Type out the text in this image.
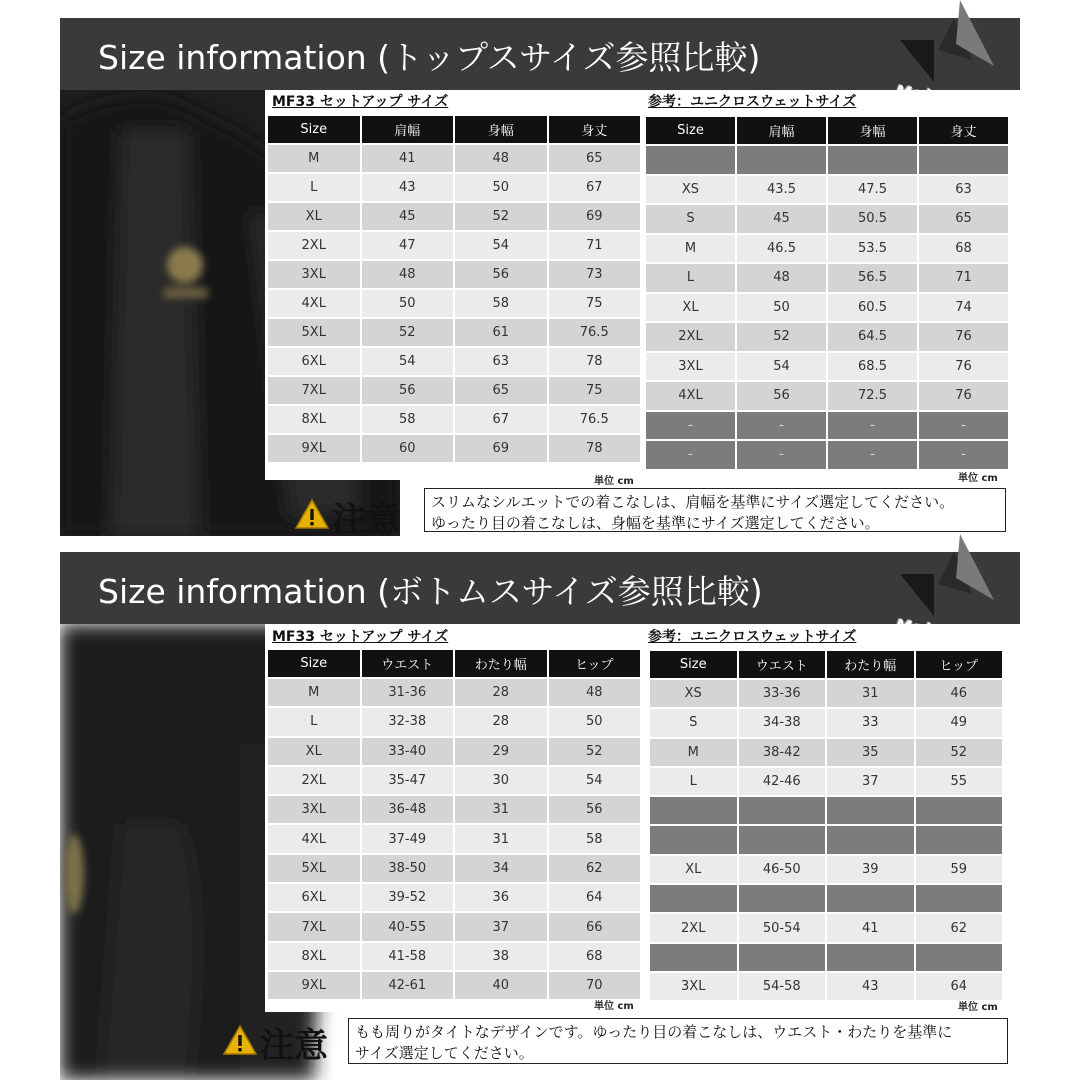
Size information (トップスサイズ参照比較)
MF33 セットアップ サイズ
Size	肩幅	身幅	身丈
M	41	48	65
L	43	50	67
XL	45	52	69
2XL	47	54	71
3XL	48	56	73
4XL	50	58	75
5XL	52	61	76.5
6XL	54	63	78
7XL	56	65	75
8XL	58	67	76.5
9XL	60	69	78
単位 cm
参考：ユニクロスウェットサイズ
Size	肩幅	身幅	身丈

XS	43.5	47.5	63
S	45	50.5	65
M	46.5	53.5	68
L	48	56.5	71
XL	50	60.5	74
2XL	52	64.5	76
3XL	54	68.5	76
4XL	56	72.5	76
-	-	-	-
-	-	-	-
単位 cm
注意 スリムなシルエットでの着こなしは、肩幅を基準にサイズ選定してください。
ゆったり目の着こなしは、身幅を基準にサイズ選定してください。
Size information (ボトムスサイズ参照比較)
MF33 セットアップ サイズ
Size	ウエスト	わたり幅	ヒップ
M	31-36	28	48
L	32-38	28	50
XL	33-40	29	52
2XL	35-47	30	54
3XL	36-48	31	56
4XL	37-49	31	58
5XL	38-50	34	62
6XL	39-52	36	64
7XL	40-55	37	66
8XL	41-58	38	68
9XL	42-61	40	70
単位 cm
参考：ユニクロスウェットサイズ
Size	ウエスト	わたり幅	ヒップ
XS	33-36	31	46
S	34-38	33	49
M	38-42	35	52
L	42-46	37	55

XL	46-50	39	59

2XL	50-54	41	62

3XL	54-58	43	64
単位 cm
注意 もも周りがタイトなデザインです。ゆったり目の着こなしは、ウエスト・わたりを基準に
サイズ選定してください。
